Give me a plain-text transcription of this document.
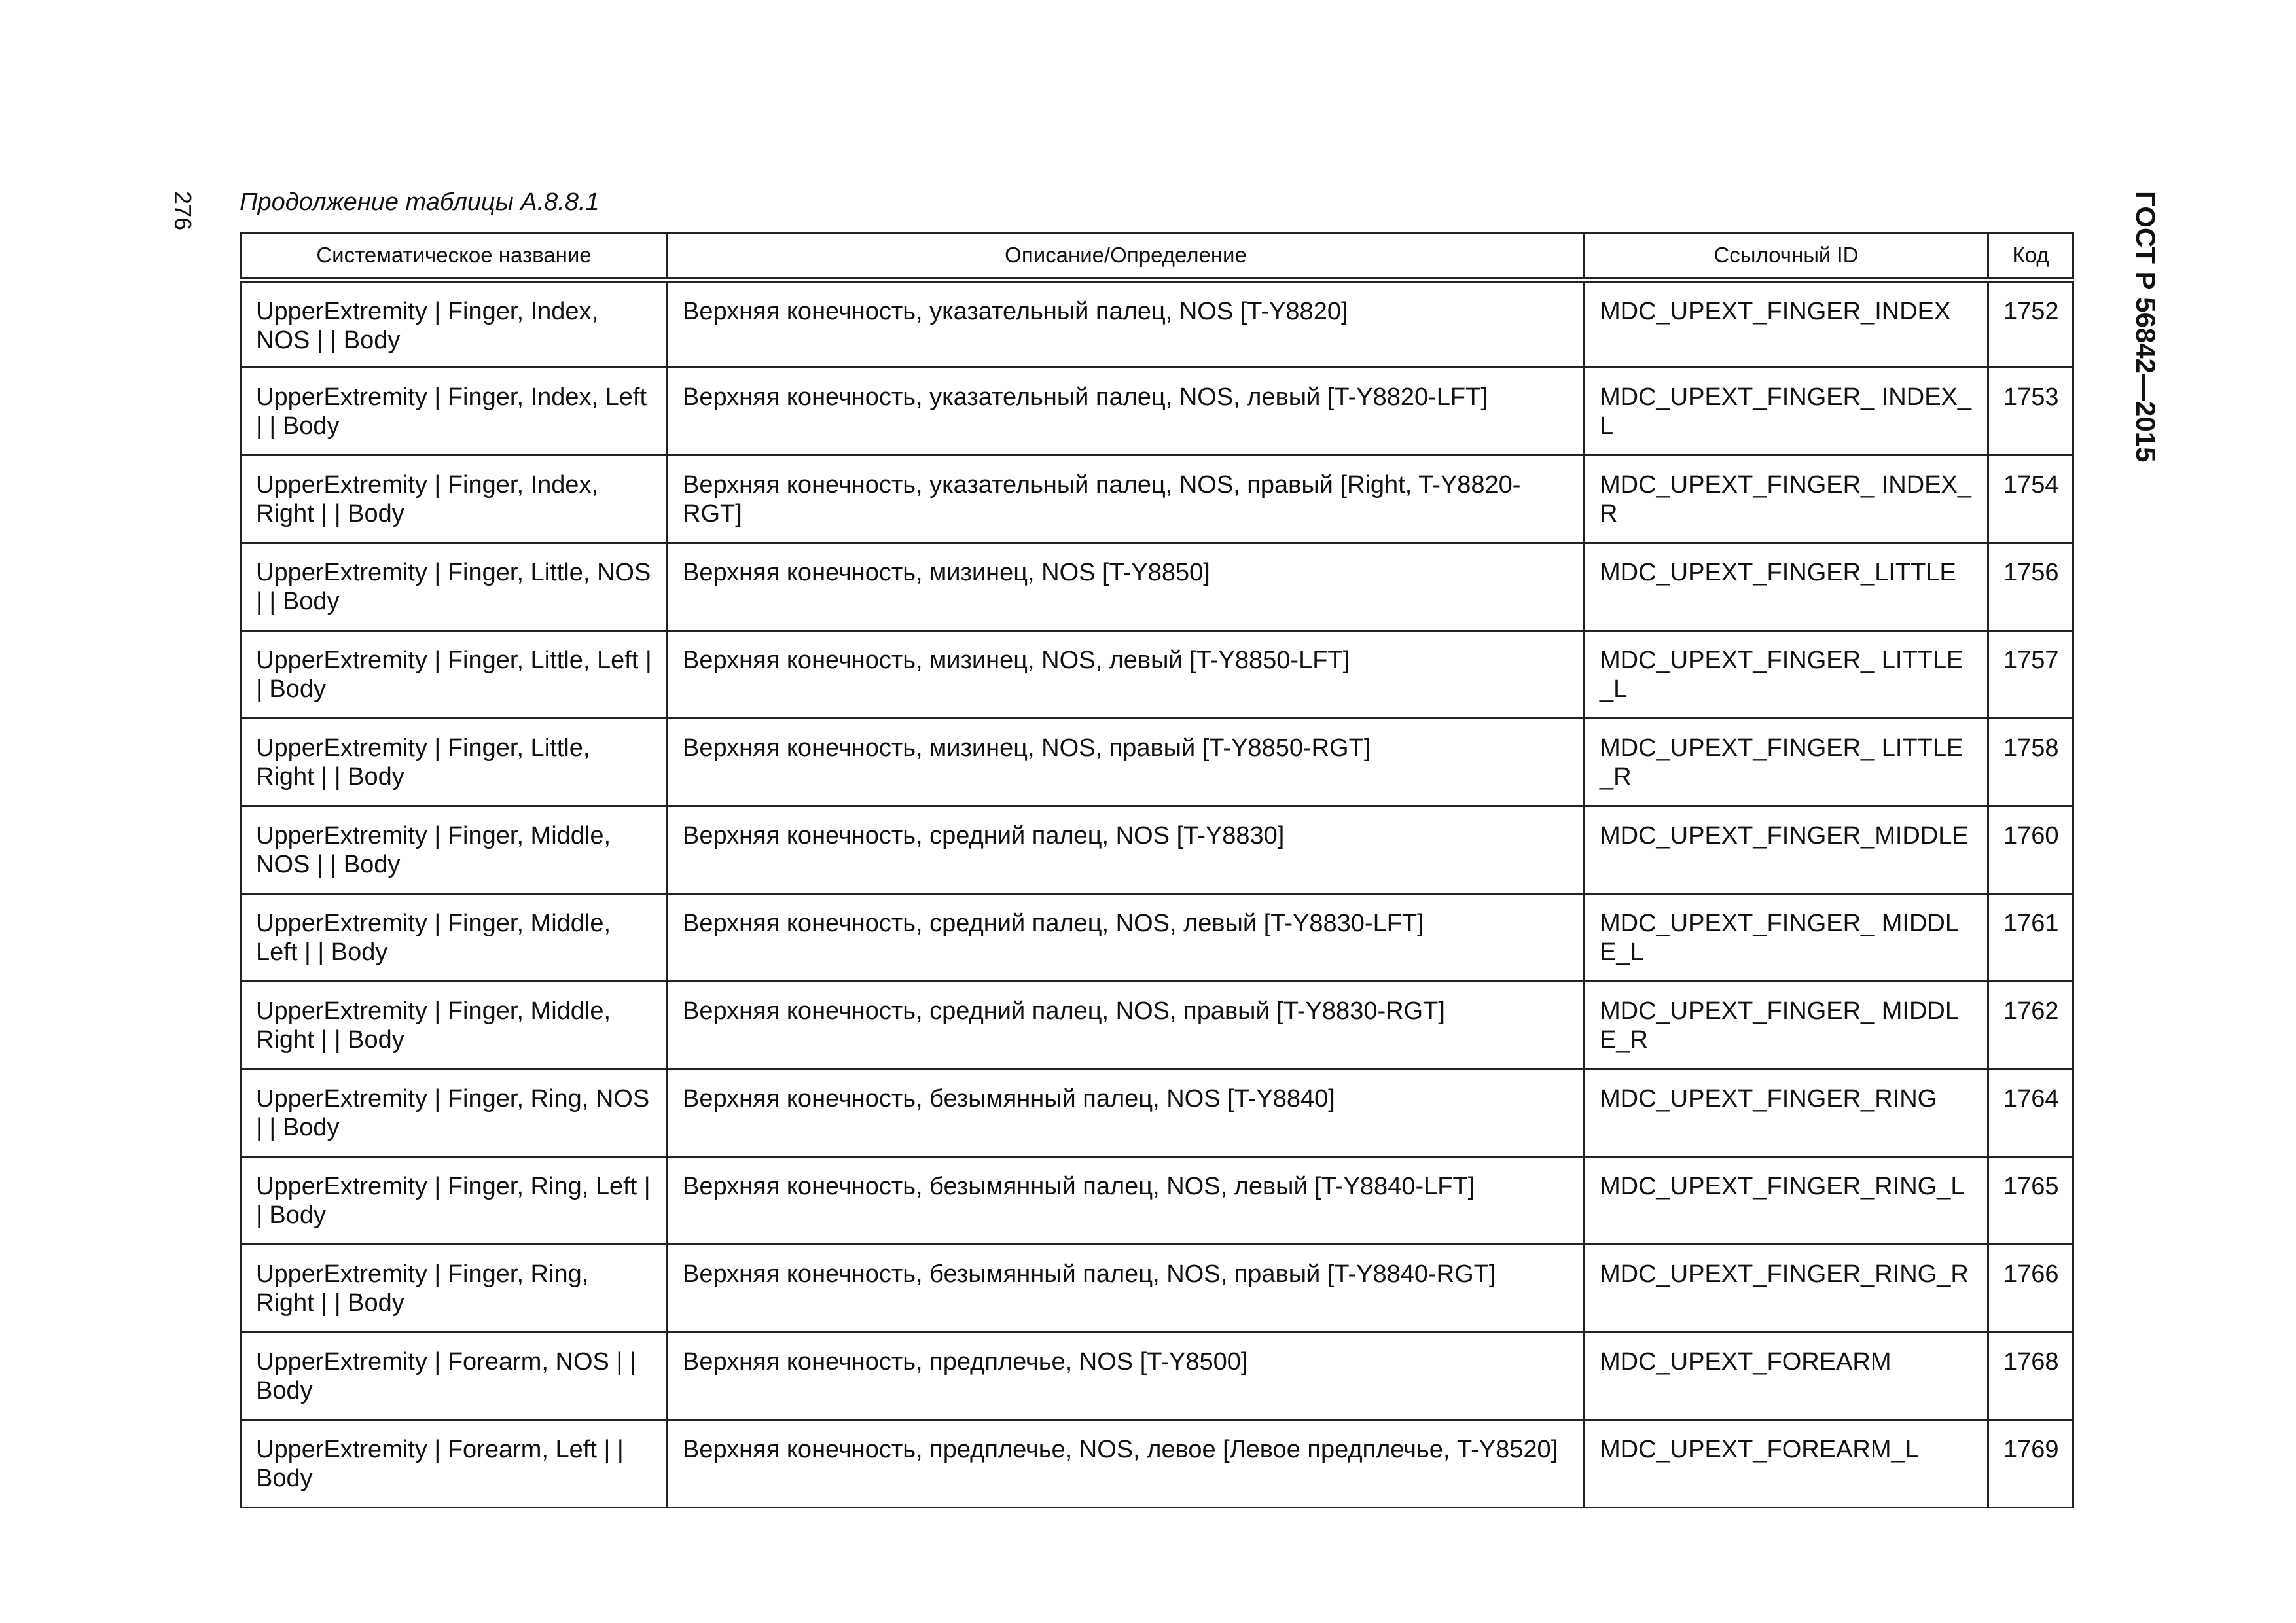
276	ГОСТ Р 56842—2015
Продолжение таблицы А.8.8.1
Систематическое название	Описание/Определение	Ссылочный ID	Код
UpperExtremity | Finger, Index, NOS | | Body	Верхняя конечность, указательный палец, NOS [T-Y8820]	MDC_UPEXT_FINGER_INDEX	1752
UpperExtremity | Finger, Index, Left | | Body	Верхняя конечность, указательный палец, NOS, левый [T-Y8820-LFT]	MDC_UPEXT_FINGER_ INDEX_L	1753
UpperExtremity | Finger, Index, Right | | Body	Верхняя конечность, указательный палец, NOS, правый [Right, T-Y8820-RGT]	MDC_UPEXT_FINGER_ INDEX_R	1754
UpperExtremity | Finger, Little, NOS | | Body	Верхняя конечность, мизинец, NOS [T-Y8850]	MDC_UPEXT_FINGER_LITTLE	1756
UpperExtremity | Finger, Little, Left | | Body	Верхняя конечность, мизинец, NOS, левый [T-Y8850-LFT]	MDC_UPEXT_FINGER_ LITTLE_L	1757
UpperExtremity | Finger, Little, Right | | Body	Верхняя конечность, мизинец, NOS, правый [T-Y8850-RGT]	MDC_UPEXT_FINGER_ LITTLE_R	1758
UpperExtremity | Finger, Middle, NOS | | Body	Верхняя конечность, средний палец, NOS [T-Y8830]	MDC_UPEXT_FINGER_MIDDLE	1760
UpperExtremity | Finger, Middle, Left | | Body	Верхняя конечность, средний палец, NOS, левый [T-Y8830-LFT]	MDC_UPEXT_FINGER_ MIDDLE_L	1761
UpperExtremity | Finger, Middle, Right | | Body	Верхняя конечность, средний палец, NOS, правый [T-Y8830-RGT]	MDC_UPEXT_FINGER_ MIDDLE_R	1762
UpperExtremity | Finger, Ring, NOS | | Body	Верхняя конечность, безымянный палец, NOS [T-Y8840]	MDC_UPEXT_FINGER_RING	1764
UpperExtremity | Finger, Ring, Left | | Body	Верхняя конечность, безымянный палец, NOS, левый [T-Y8840-LFT]	MDC_UPEXT_FINGER_RING_L	1765
UpperExtremity | Finger, Ring, Right | | Body	Верхняя конечность, безымянный палец, NOS, правый [T-Y8840-RGT]	MDC_UPEXT_FINGER_RING_R	1766
UpperExtremity | Forearm, NOS | | Body	Верхняя конечность, предплечье, NOS [T-Y8500]	MDC_UPEXT_FOREARM	1768
UpperExtremity | Forearm, Left | | Body	Верхняя конечность, предплечье, NOS, левое [Левое предплечье, T-Y8520]	MDC_UPEXT_FOREARM_L	1769
